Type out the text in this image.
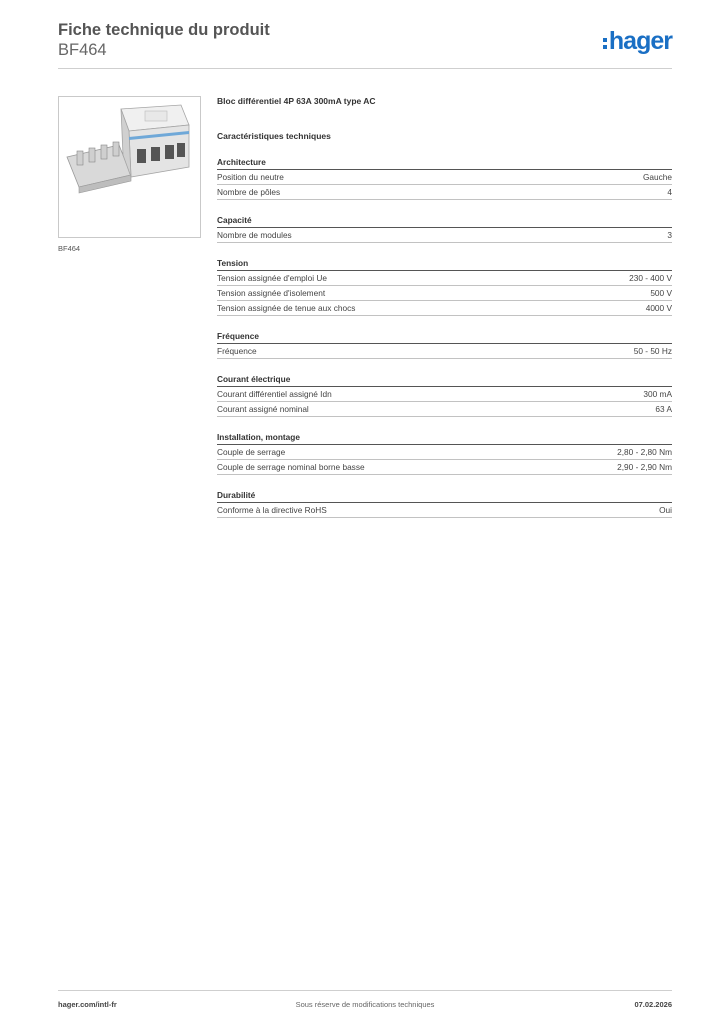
Fiche technique du produit
BF464	hager
BF464
Bloc différentiel 4P 63A 300mA type AC
Caractéristiques techniques
Architecture
Position du neutre	Gauche
Nombre de pôles	4
Capacité
Nombre de modules	3
Tension
Tension assignée d'emploi Ue	230 - 400 V
Tension assignée d'isolement	500 V
Tension assignée de tenue aux chocs	4000 V
Fréquence
Fréquence	50 - 50 Hz
Courant électrique
Courant différentiel assigné Idn	300 mA
Courant assigné nominal	63 A
Installation, montage
Couple de serrage	2,80 - 2,80 Nm
Couple de serrage nominal borne basse	2,90 - 2,90 Nm
Durabilité
Conforme à la directive RoHS	Oui
hager.com/intl-fr	Sous réserve de modifications techniques	07.02.2026
